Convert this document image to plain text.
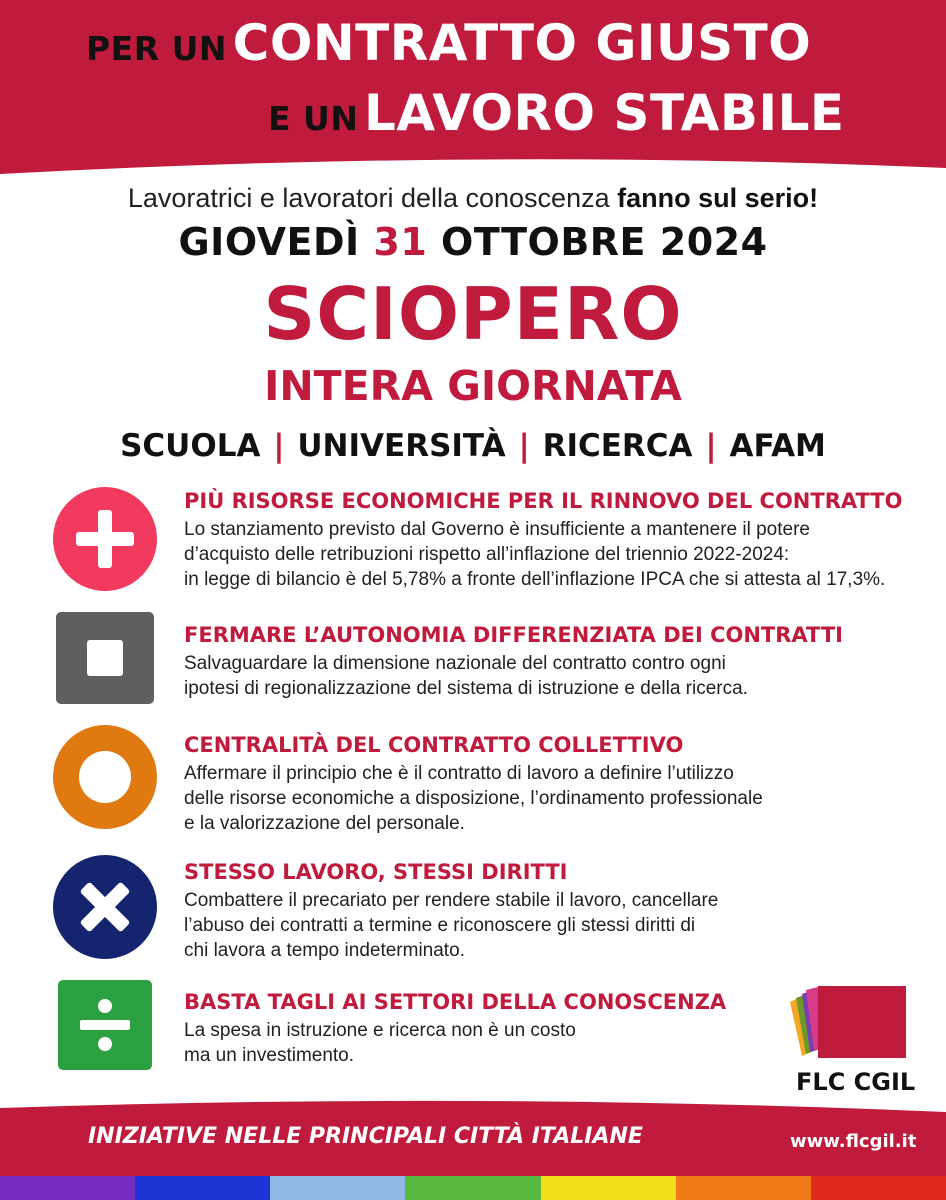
PER UN CONTRATTO GIUSTO
E UN LAVORO STABILE
Lavoratrici e lavoratori della conoscenza fanno sul serio!
GIOVEDÌ 31 OTTOBRE 2024
SCIOPERO
INTERA GIORNATA
SCUOLA | UNIVERSITÀ | RICERCA | AFAM
PIÙ RISORSE ECONOMICHE PER IL RINNOVO DEL CONTRATTO
Lo stanziamento previsto dal Governo è insufficiente a mantenere il potere
d’acquisto delle retribuzioni rispetto all’inflazione del triennio 2022-2024:
in legge di bilancio è del 5,78% a fronte dell’inflazione IPCA che si attesta al 17,3%.
FERMARE L’AUTONOMIA DIFFERENZIATA DEI CONTRATTI
Salvaguardare la dimensione nazionale del contratto contro ogni
ipotesi di regionalizzazione del sistema di istruzione e della ricerca.
CENTRALITÀ DEL CONTRATTO COLLETTIVO
Affermare il principio che è il contratto di lavoro a definire l’utilizzo
delle risorse economiche a disposizione, l’ordinamento professionale
e la valorizzazione del personale.
STESSO LAVORO, STESSI DIRITTI
Combattere il precariato per rendere stabile il lavoro, cancellare
l’abuso dei contratti a termine e riconoscere gli stessi diritti di
chi lavora a tempo indeterminato.
BASTA TAGLI AI SETTORI DELLA CONOSCENZA
La spesa in istruzione e ricerca non è un costo
ma un investimento.
FLC CGIL
INIZIATIVE NELLE PRINCIPALI CITTÀ ITALIANE	www.flcgil.it
